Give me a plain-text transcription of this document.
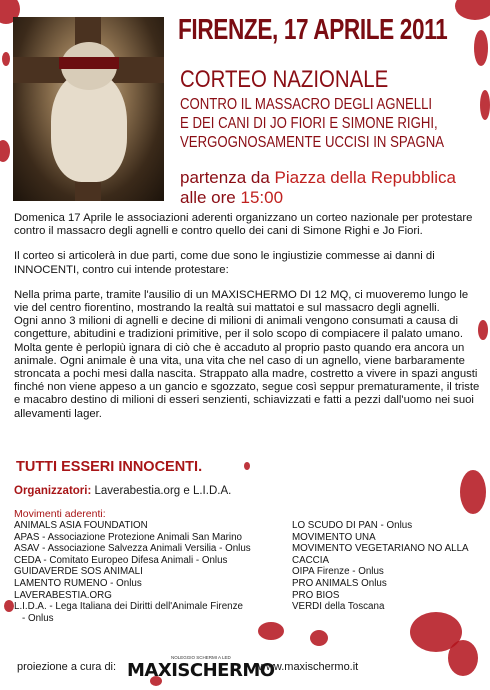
FIRENZE, 17 APRILE 2011
CORTEO NAZIONALE
CONTRO IL MASSACRO DEGLI AGNELLI
E DEI CANI DI JO FIORI E SIMONE RIGHI,
VERGOGNOSAMENTE UCCISI IN SPAGNA
partenza da Piazza della Repubblica
alle ore 15:00

Domenica 17 Aprile le associazioni aderenti organizzano un corteo nazionale per protestare contro il massacro degli agnelli e contro quello dei cani di Simone Righi e Jo Fiori.

Il corteo si articolerà in due parti, come due sono le ingiustizie commesse ai danni di INNOCENTI, contro cui intende protestare:

Nella prima parte, tramite l'ausilio di un MAXISCHERMO DI 12 MQ, ci muoveremo lungo le vie del centro fiorentino, mostrando la realtà sui mattatoi e sul massacro degli agnelli.

Ogni anno 3 milioni di agnelli e decine di milioni di animali vengono consumati a causa di congetture, abitudini e tradizioni primitive, per il solo scopo di compiacere il palato umano. Molta gente è perlopiù ignara di ciò che è accaduto al proprio pasto quando era ancora un animale. Ogni animale è una vita, una vita che nel caso di un agnello, viene barbaramente stroncata a pochi mesi dalla nascita. Strappato alla madre, costretto a vivere in spazi angusti finché non viene appeso a un gancio e sgozzato, segue così seppur prematuramente, il triste e macabro destino di milioni di esseri senzienti, schiavizzati e fatti a pezzi dall'uomo nei suoi allevamenti lager.

TUTTI ESSERI INNOCENTI.
Organizzatori: Laverabestia.org e L.I.D.A.
Movimenti aderenti:
ANIMALS ASIA FOUNDATION
APAS - Associazione Protezione Animali San Marino
ASAV - Associazione Salvezza Animali Versilia - Onlus
CEDA - Comitato Europeo Difesa Animali - Onlus
GUIDAVERDE SOS ANIMALI
LAMENTO RUMENO - Onlus
LAVERABESTIA.ORG
L.I.D.A. - Lega Italiana dei Diritti dell'Animale Firenze
- Onlus
LO SCUDO DI PAN - Onlus
MOVIMENTO UNA
MOVIMENTO VEGETARIANO NO ALLA
CACCIA
OIPA Firenze - Onlus
PRO ANIMALS Onlus
PRO BIOS
VERDI della Toscana
proiezione a cura di:
NOLEGGIO SCHERMI A LED
MAXISCHERMO
www.maxischermo.it
